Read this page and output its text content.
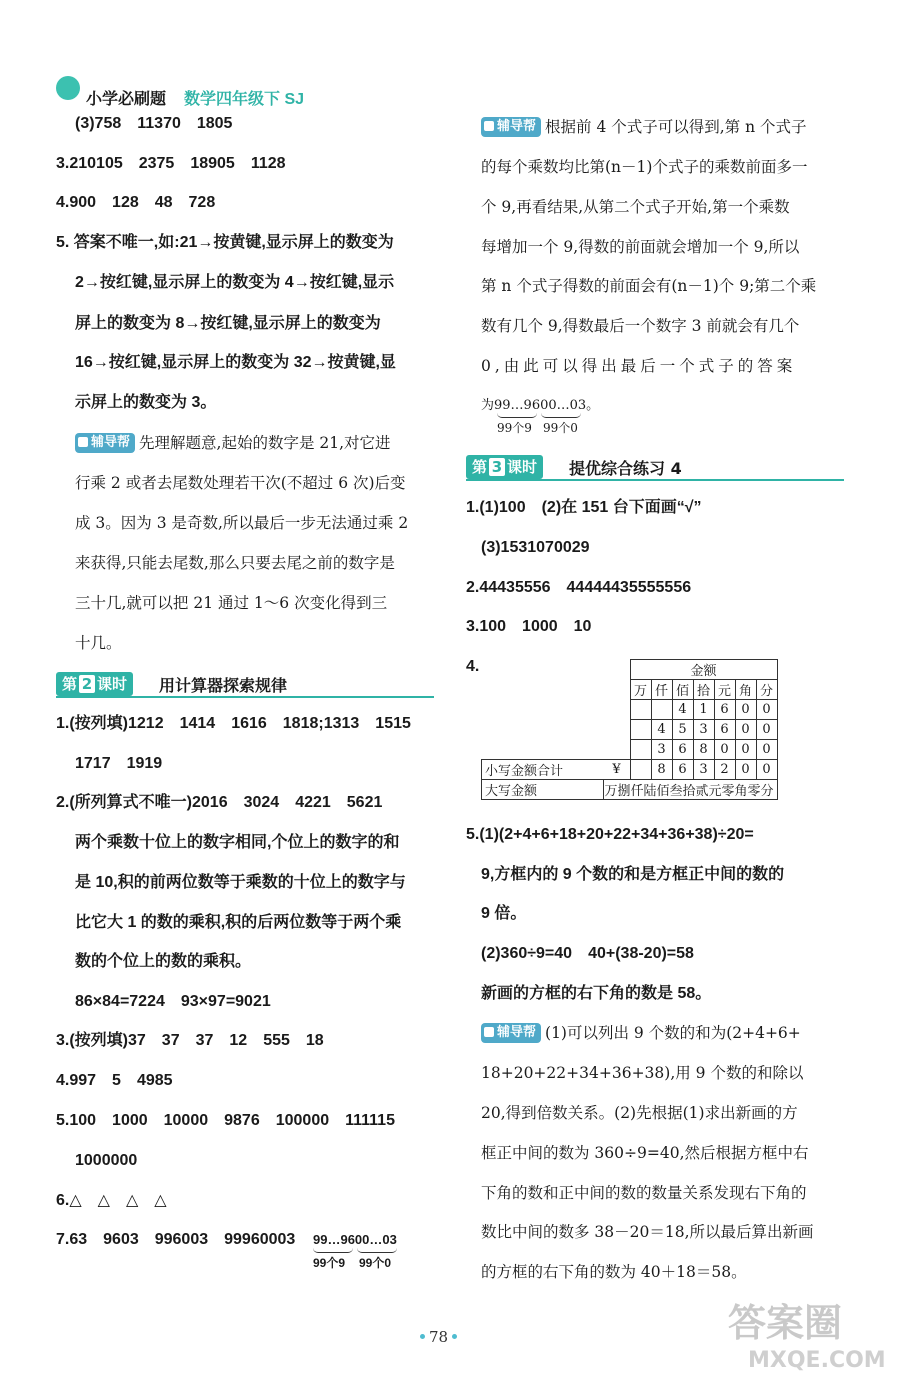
小学必刷题 数学四年级下 SJ
(3)758　11370　1805
3.210105　2375　18905　1128
4.900　128　48　728
5. 答案不唯一,如:21→按黄键,显示屏上的数变为
2→按红键,显示屏上的数变为 4→按红键,显示
屏上的数变为 8→按红键,显示屏上的数变为
16→按红键,显示屏上的数变为 32→按黄键,显
示屏上的数变为 3。
辅导帮 先理解题意,起始的数字是 21,对它进
行乘 2 或者去尾数处理若干次(不超过 6 次)后变
成 3。因为 3 是奇数,所以最后一步无法通过乘 2
来获得,只能去尾数,那么只要去尾之前的数字是
三十几,就可以把 21 通过 1～6 次变化得到三
十几。
第 2 课时	用计算器探索规律
1.(按列填)1212　1414　1616　1818;1313　1515
1717　1919
2.(所列算式不唯一)2016　3024　4221　5621
两个乘数十位上的数字相同,个位上的数字的和
是 10,积的前两位数等于乘数的十位上的数字与
比它大 1 的数的乘积,积的后两位数等于两个乘
数的个位上的数的乘积。
86×84=7224　93×97=9021
3.(按列填)37　37　37　12　555　18
4.997　5　4985
5.100　1000　10000　9876　100000　111115
1000000
6.△　△　△　△
7.63　9603　996003　99960003 99…9600…03
99个9 99个0
辅导帮 根据前 4 个式子可以得到,第 n 个式子
的每个乘数均比第(n－1)个式子的乘数前面多一
个 9,再看结果,从第二个式子开始,第一个乘数
每增加一个 9,得数的前面就会增加一个 9,所以
第 n 个式子得数的前面会有(n－1)个 9;第二个乘
数有几个 9,得数最后一个数字 3 前就会有几个
0,由此可以得出最后一个式子的答案
为99…9600…03。
99个9 99个0
第 3 课时	提优综合练习 4
1.(1)100　(2)在 151 台下面画“√”
(3)1531070029
2.44435556　44444435555556
3.100　1000　10
4.
		金额						
		万	仟	佰	拾	元	角	分
				4	1	6	0	0
			4	5	3	6	0	0
			3	6	8	0	0	0
小写金额合计	¥		8	6	3	2	0	0
大写金额	万捌仟陆佰叁拾贰元零角零分							
5.(1)(2+4+6+18+20+22+34+36+38)÷20=
9,方框内的 9 个数的和是方框正中间的数的
9 倍。
(2)360÷9=40　40+(38-20)=58
新画的方框的右下角的数是 58。
辅导帮 (1)可以列出 9 个数的和为(2+4+6+
18+20+22+34+36+38),用 9 个数的和除以
20,得到倍数关系。(2)先根据(1)求出新画的方
框正中间的数为 360÷9=40,然后根据方框中右
下角的数和正中间的数的数量关系发现右下角的
数比中间的数多 38－20＝18,所以最后算出新画
的方框的右下角的数为 40＋18＝58。
78	答案圈
MXQE.COM
